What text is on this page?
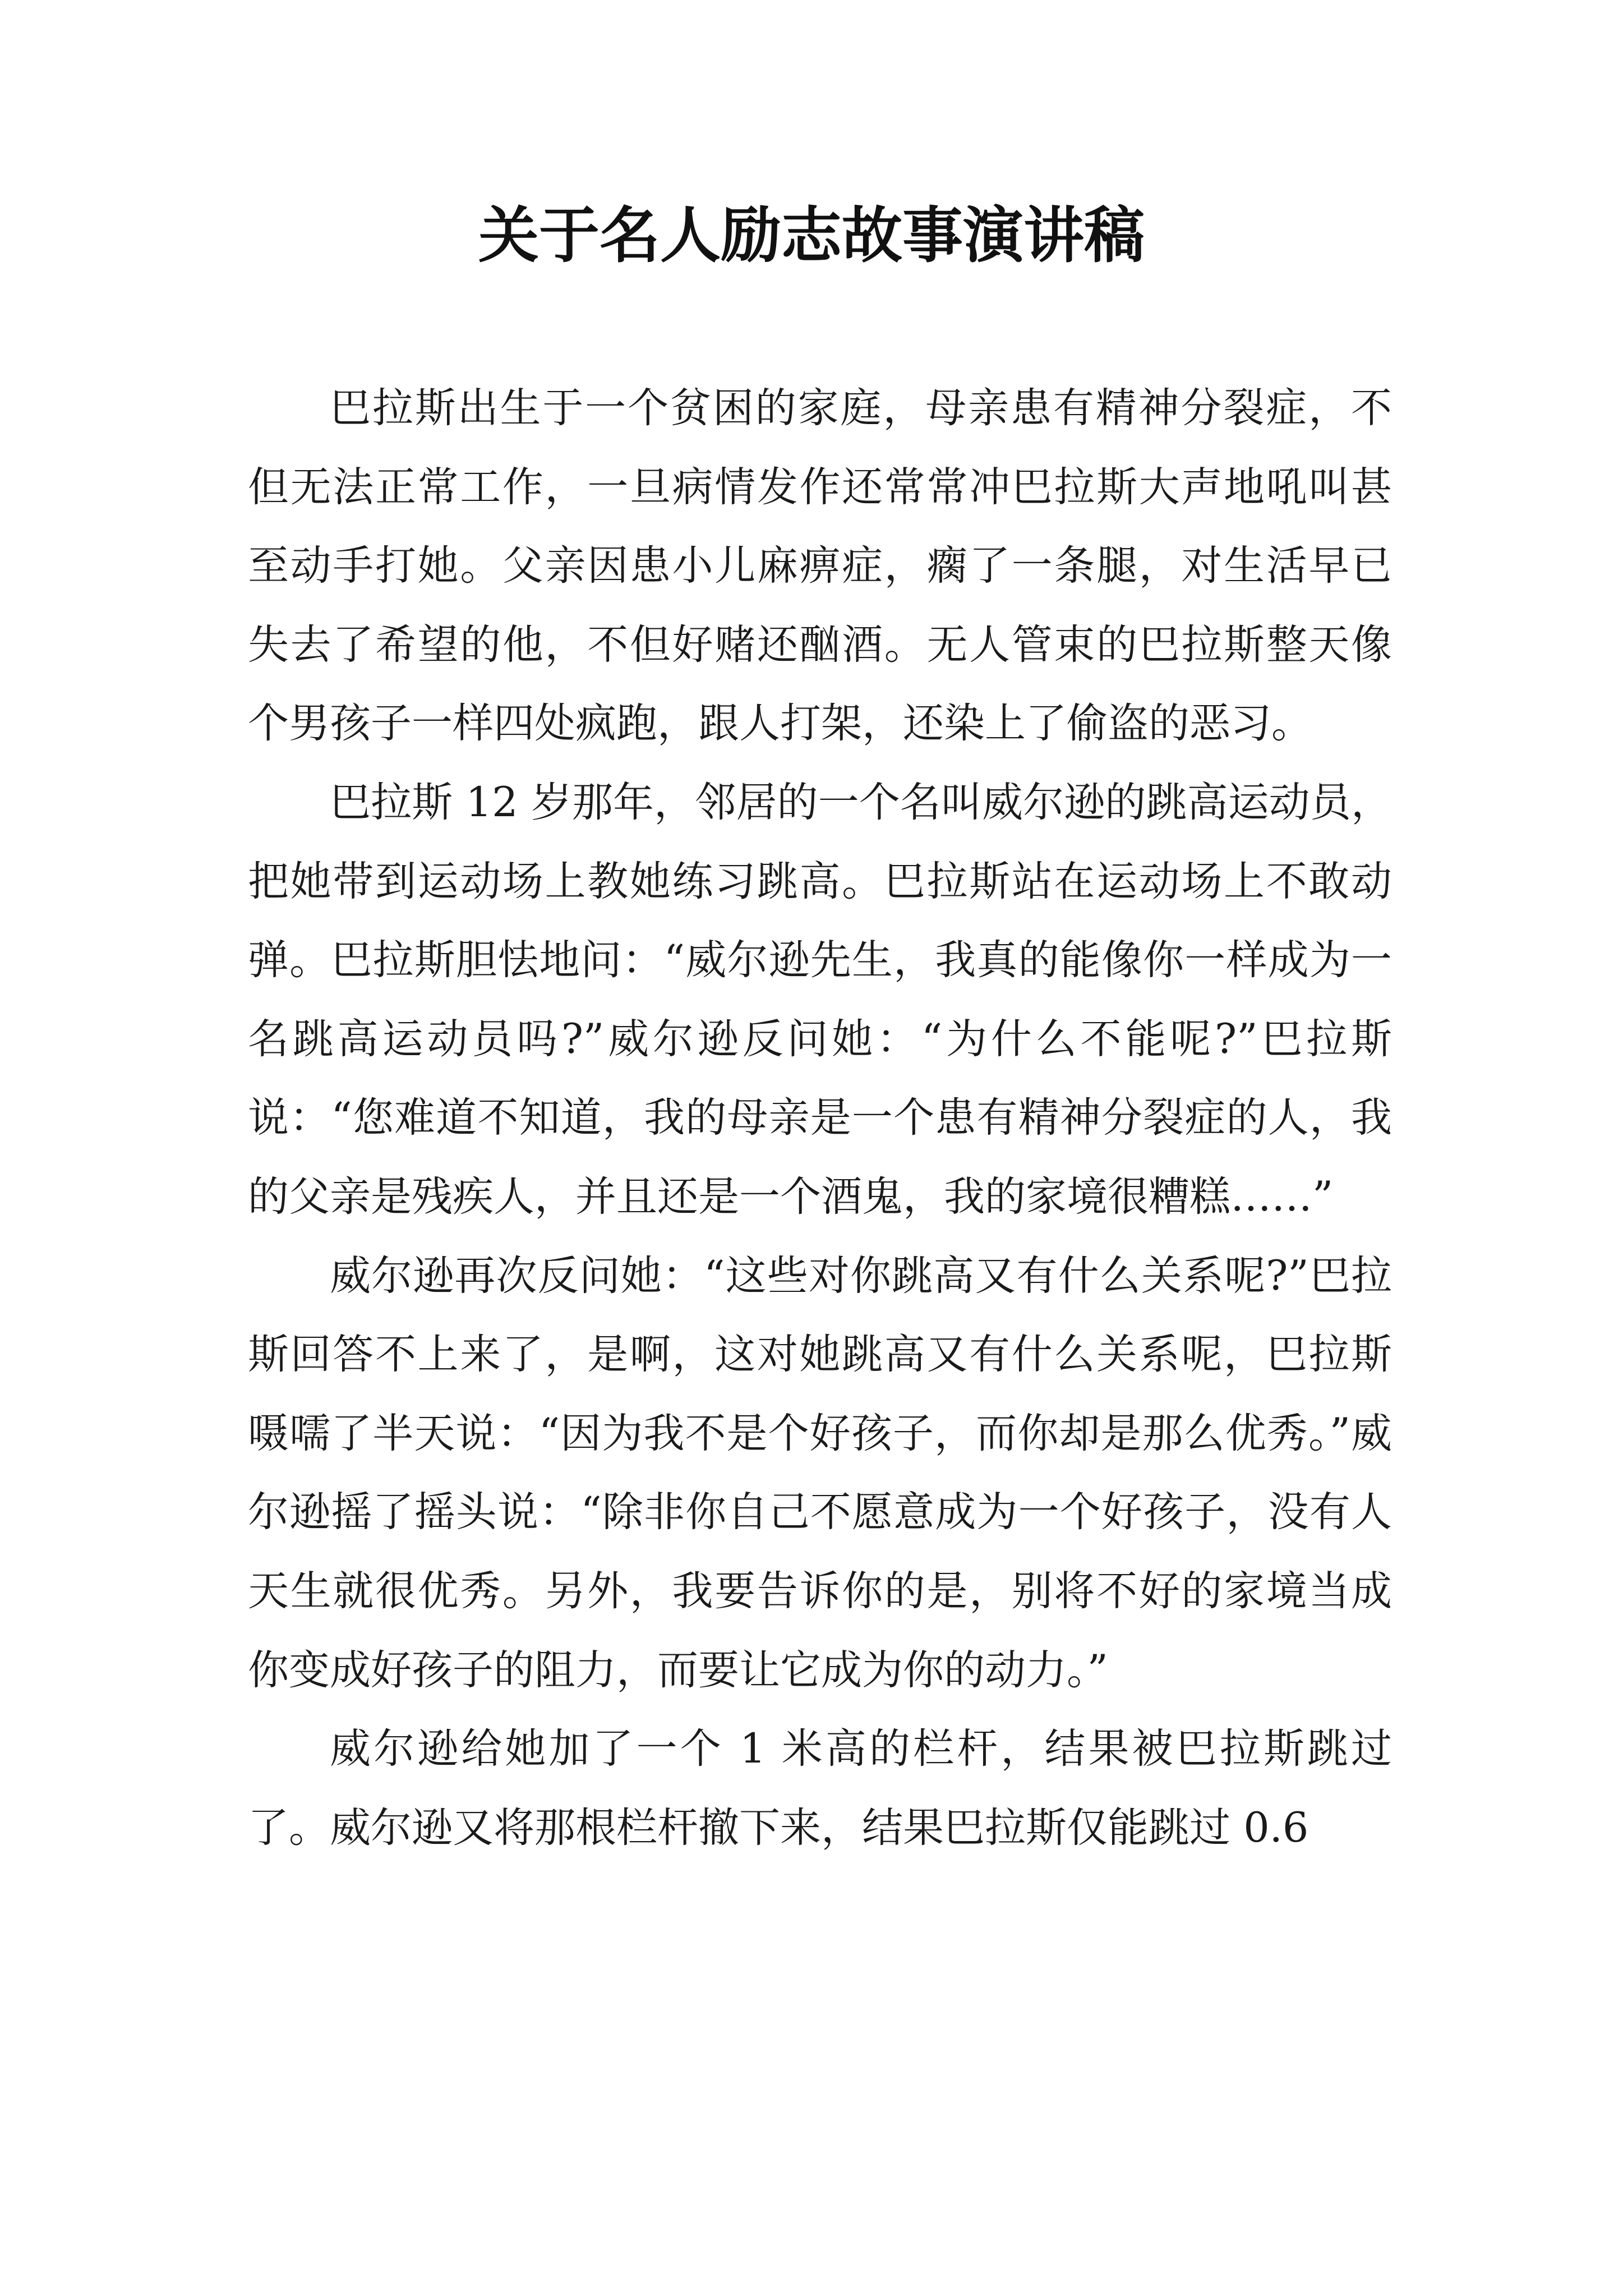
关于名人励志故事演讲稿

巴拉斯出生于一个贫困的家庭，母亲患有精神分裂症，不但无法正常工作，一旦病情发作还常常冲巴拉斯大声地吼叫甚至动手打她。父亲因患小儿麻痹症，瘸了一条腿，对生活早已失去了希望的他，不但好赌还酗酒。无人管束的巴拉斯整天像个男孩子一样四处疯跑，跟人打架，还染上了偷盗的恶习。

巴拉斯 12 岁那年，邻居的一个名叫威尔逊的跳高运动员，把她带到运动场上教她练习跳高。巴拉斯站在运动场上不敢动弹。巴拉斯胆怯地问：“威尔逊先生，我真的能像你一样成为一名跳高运动员吗?”威尔逊反问她：“为什么不能呢?”巴拉斯说：“您难道不知道，我的母亲是一个患有精神分裂症的人，我的父亲是残疾人，并且还是一个酒鬼，我的家境很糟糕……”

威尔逊再次反问她：“这些对你跳高又有什么关系呢?”巴拉斯回答不上来了，是啊，这对她跳高又有什么关系呢，巴拉斯嗫嚅了半天说：“因为我不是个好孩子，而你却是那么优秀。”威尔逊摇了摇头说：“除非你自己不愿意成为一个好孩子，没有人天生就很优秀。另外，我要告诉你的是，别将不好的家境当成你变成好孩子的阻力，而要让它成为你的动力。”

威尔逊给她加了一个 1 米高的栏杆，结果被巴拉斯跳过了。威尔逊又将那根栏杆撤下来，结果巴拉斯仅能跳过 0.6
